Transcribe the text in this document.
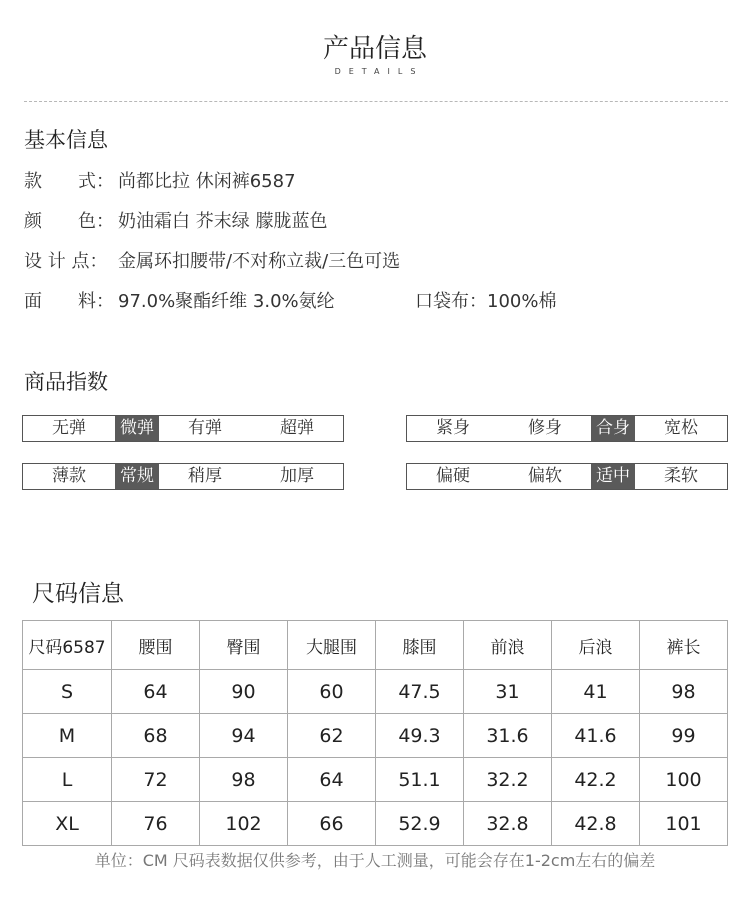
产品信息
DETAILS
基本信息
款　　式： 尚都比拉 休闲裤6587
颜　　色： 奶油霜白 芥末绿 朦胧蓝色
设 计 点： 金属环扣腰带/不对称立裁/三色可选
面　　料： 97.0%聚酯纤维 3.0%氨纶	口袋布：100%棉
商品指数
无弹	微弹	有弹	超弹	紧身	修身	合身	宽松
薄款	常规	稍厚	加厚	偏硬	偏软	适中	柔软
尺码信息
尺码6587	腰围	臀围	大腿围	膝围	前浪	后浪	裤长
S	64	90	60	47.5	31	41	98
M	68	94	62	49.3	31.6	41.6	99
L	72	98	64	51.1	32.2	42.2	100
XL	76	102	66	52.9	32.8	42.8	101
单位：CM 尺码表数据仅供参考，由于人工测量，可能会存在1-2cm左右的偏差
